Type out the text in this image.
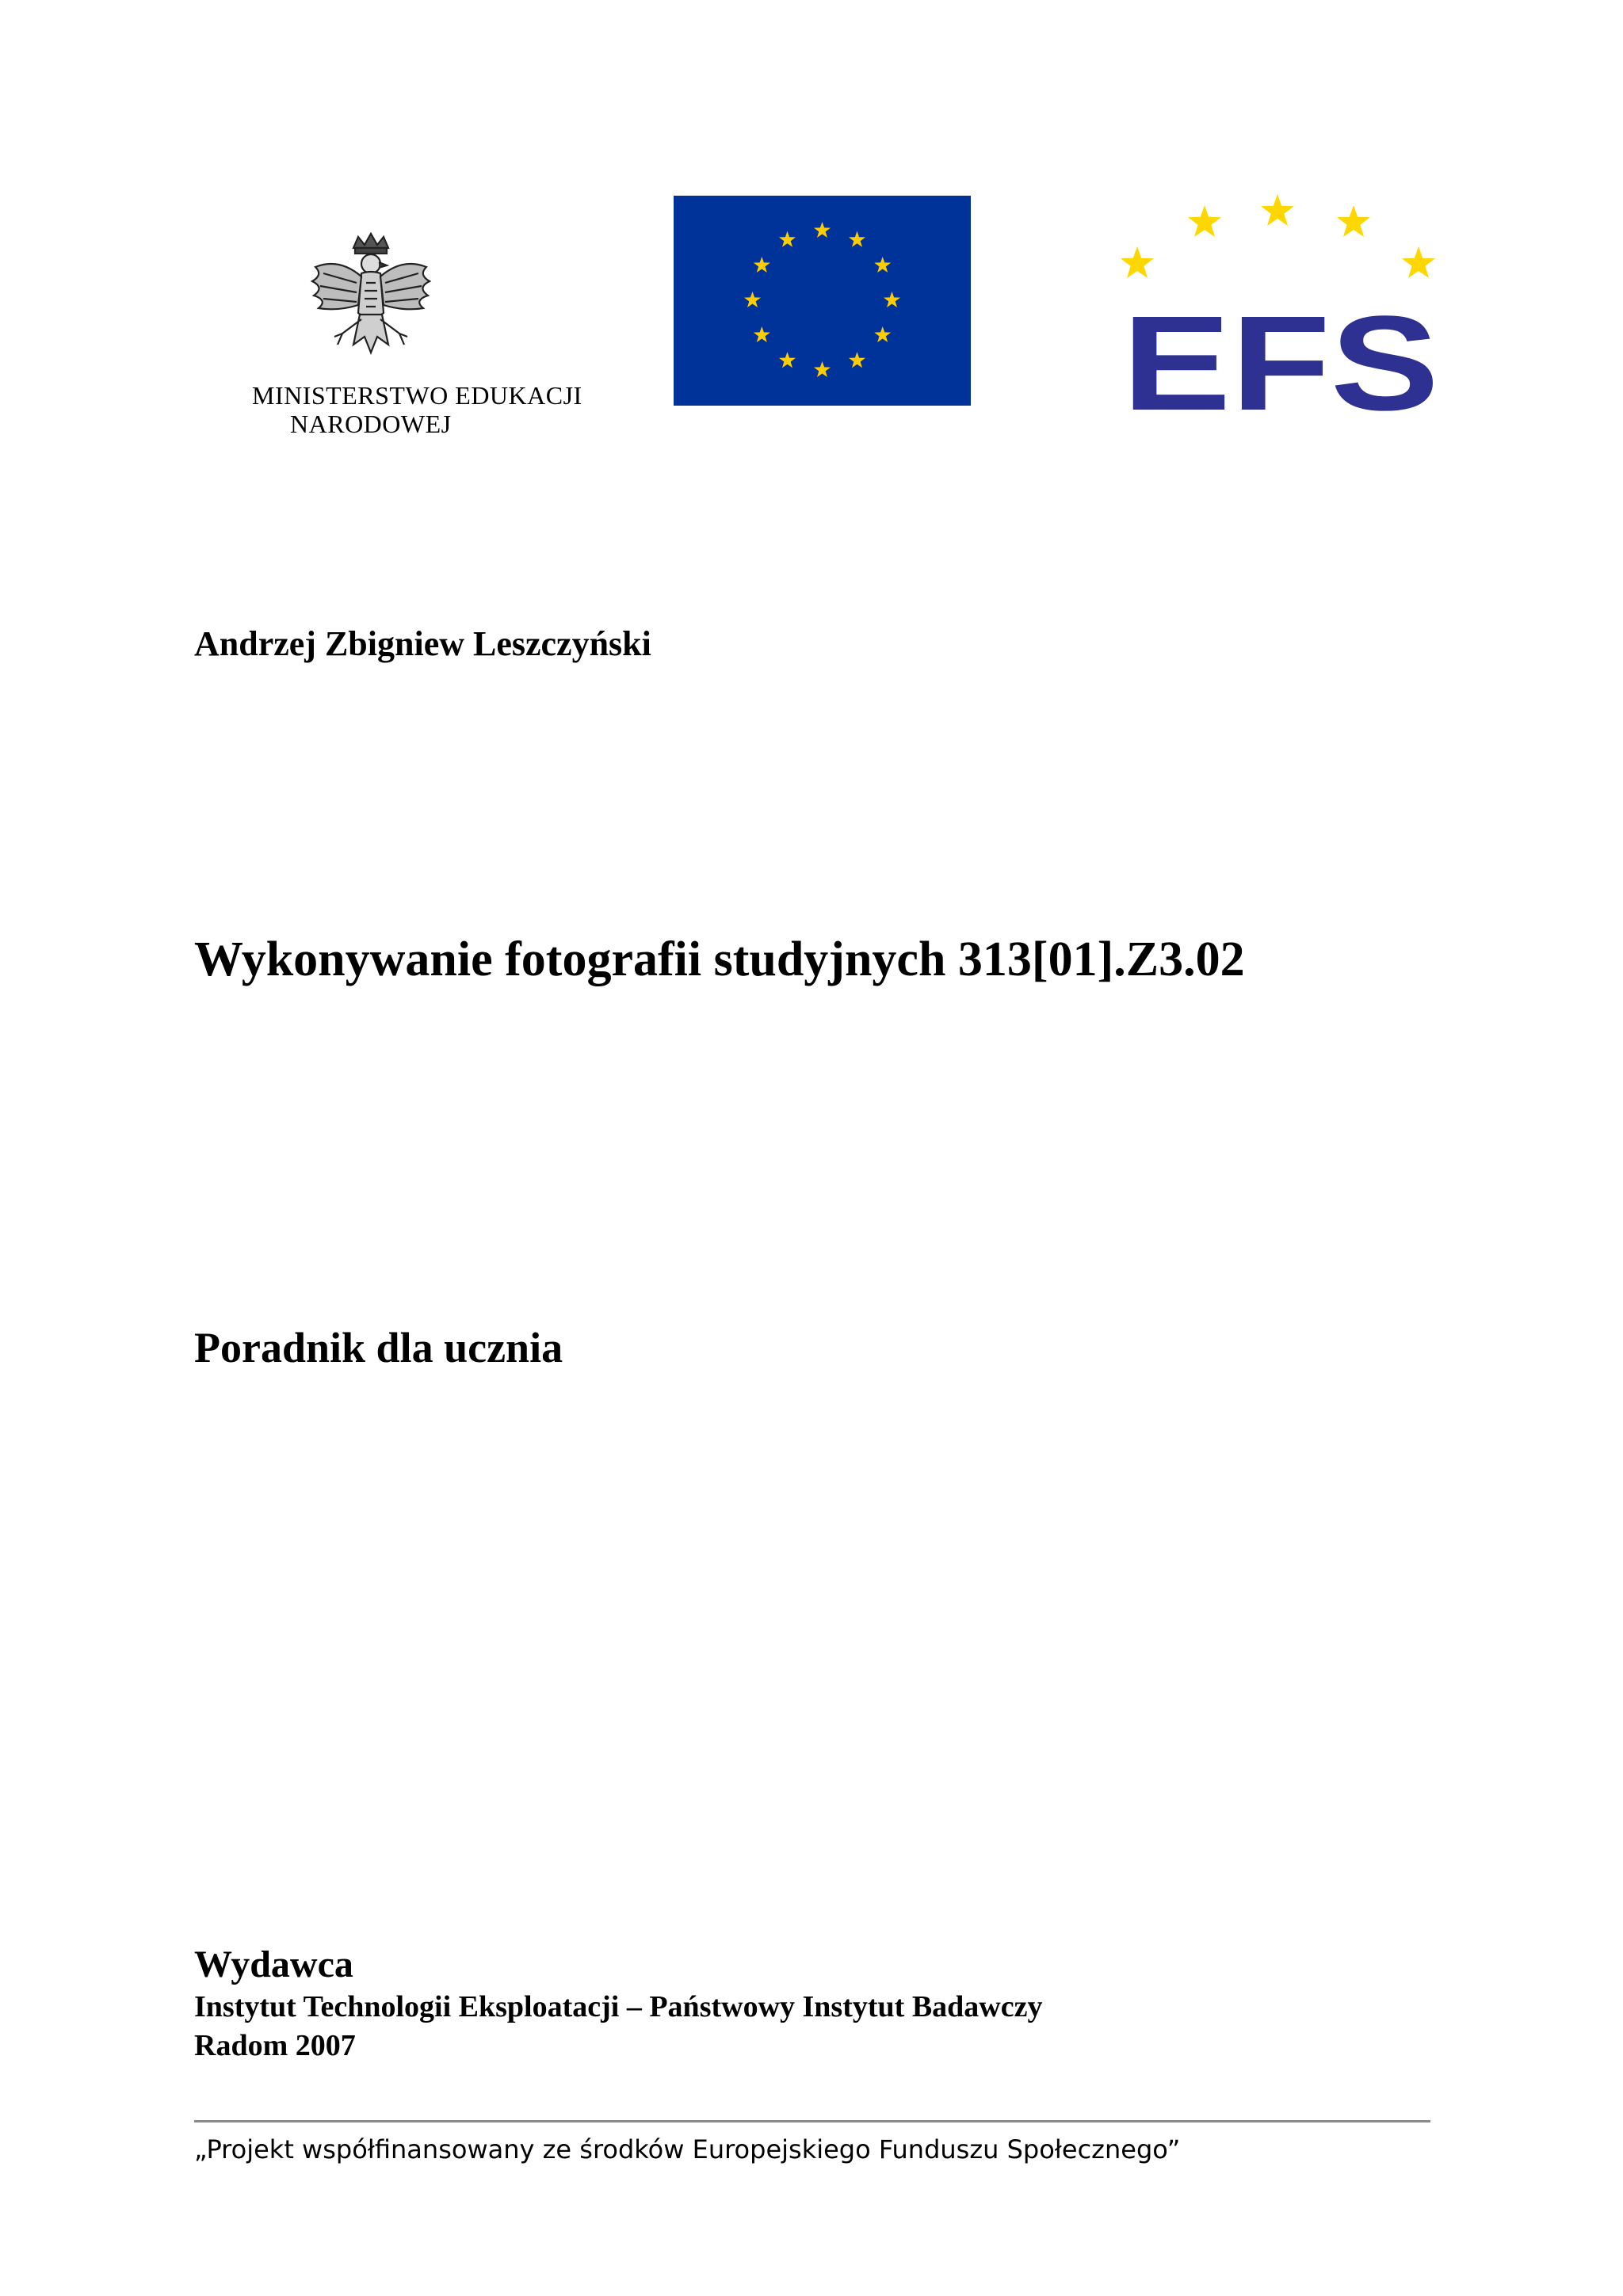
MINISTERSTWO EDUKACJI
NARODOWEJ	EFS
Andrzej Zbigniew Leszczyński
Wykonywanie fotografii studyjnych 313[01].Z3.02
Poradnik dla ucznia
Wydawca
Instytut Technologii Eksploatacji – Państwowy Instytut Badawczy
Radom 2007
„Projekt współfinansowany ze środków Europejskiego Funduszu Społecznego”
